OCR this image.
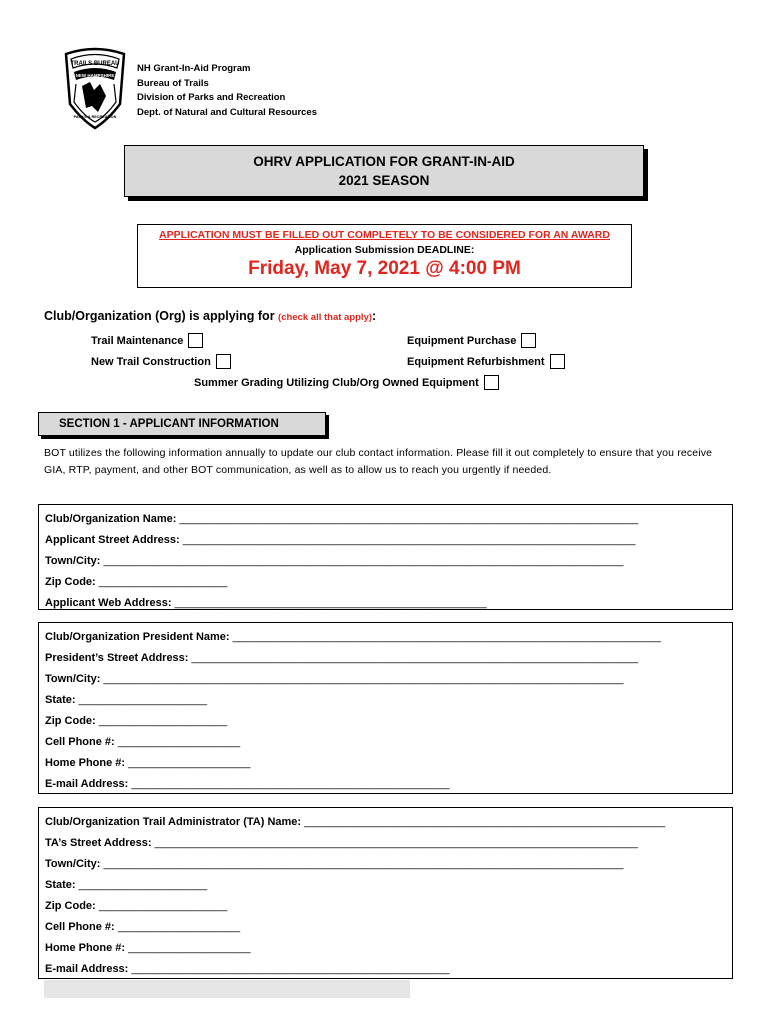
TRAILS BUREAU
NEW HAMPSHIRE
PARKS & RECREATION
NH Grant-In-Aid Program
Bureau of Trails
Division of Parks and Recreation
Dept. of Natural and Cultural Resources
OHRV APPLICATION FOR GRANT-IN-AID
2021 SEASON
APPLICATION MUST BE FILLED OUT COMPLETELY TO BE CONSIDERED FOR AN AWARD
Application Submission DEADLINE:
Friday, May 7, 2021 @ 4:00 PM
Club/Organization (Org) is applying for (check all that apply):
Trail Maintenance
New Trail Construction
Equipment Purchase
Equipment Refurbishment
Summer Grading Utilizing Club/Org Owned Equipment
SECTION 1 - APPLICANT INFORMATION
BOT utilizes the following information annually to update our club contact information. Please fill it out completely to ensure that you receive GIA, RTP, payment, and other BOT communication, as well as to allow us to reach you urgently if needed.
Club/Organization Name: ___________________________________________________________________________
Applicant Street Address: __________________________________________________________________________
Town/City: _____________________________________________________________________________________
Zip Code: _____________________
Applicant Web Address: ___________________________________________________
Club/Organization President Name: ______________________________________________________________________
President’s Street Address: _________________________________________________________________________
Town/City: _____________________________________________________________________________________
State: _____________________
Zip Code: _____________________
Cell Phone #: ____________________
Home Phone #: ____________________
E-mail Address: ____________________________________________________
Club/Organization Trail Administrator (TA) Name: ___________________________________________________________
TA’s Street Address: _______________________________________________________________________________
Town/City: _____________________________________________________________________________________
State: _____________________
Zip Code: _____________________
Cell Phone #: ____________________
Home Phone #: ____________________
E-mail Address: ____________________________________________________
